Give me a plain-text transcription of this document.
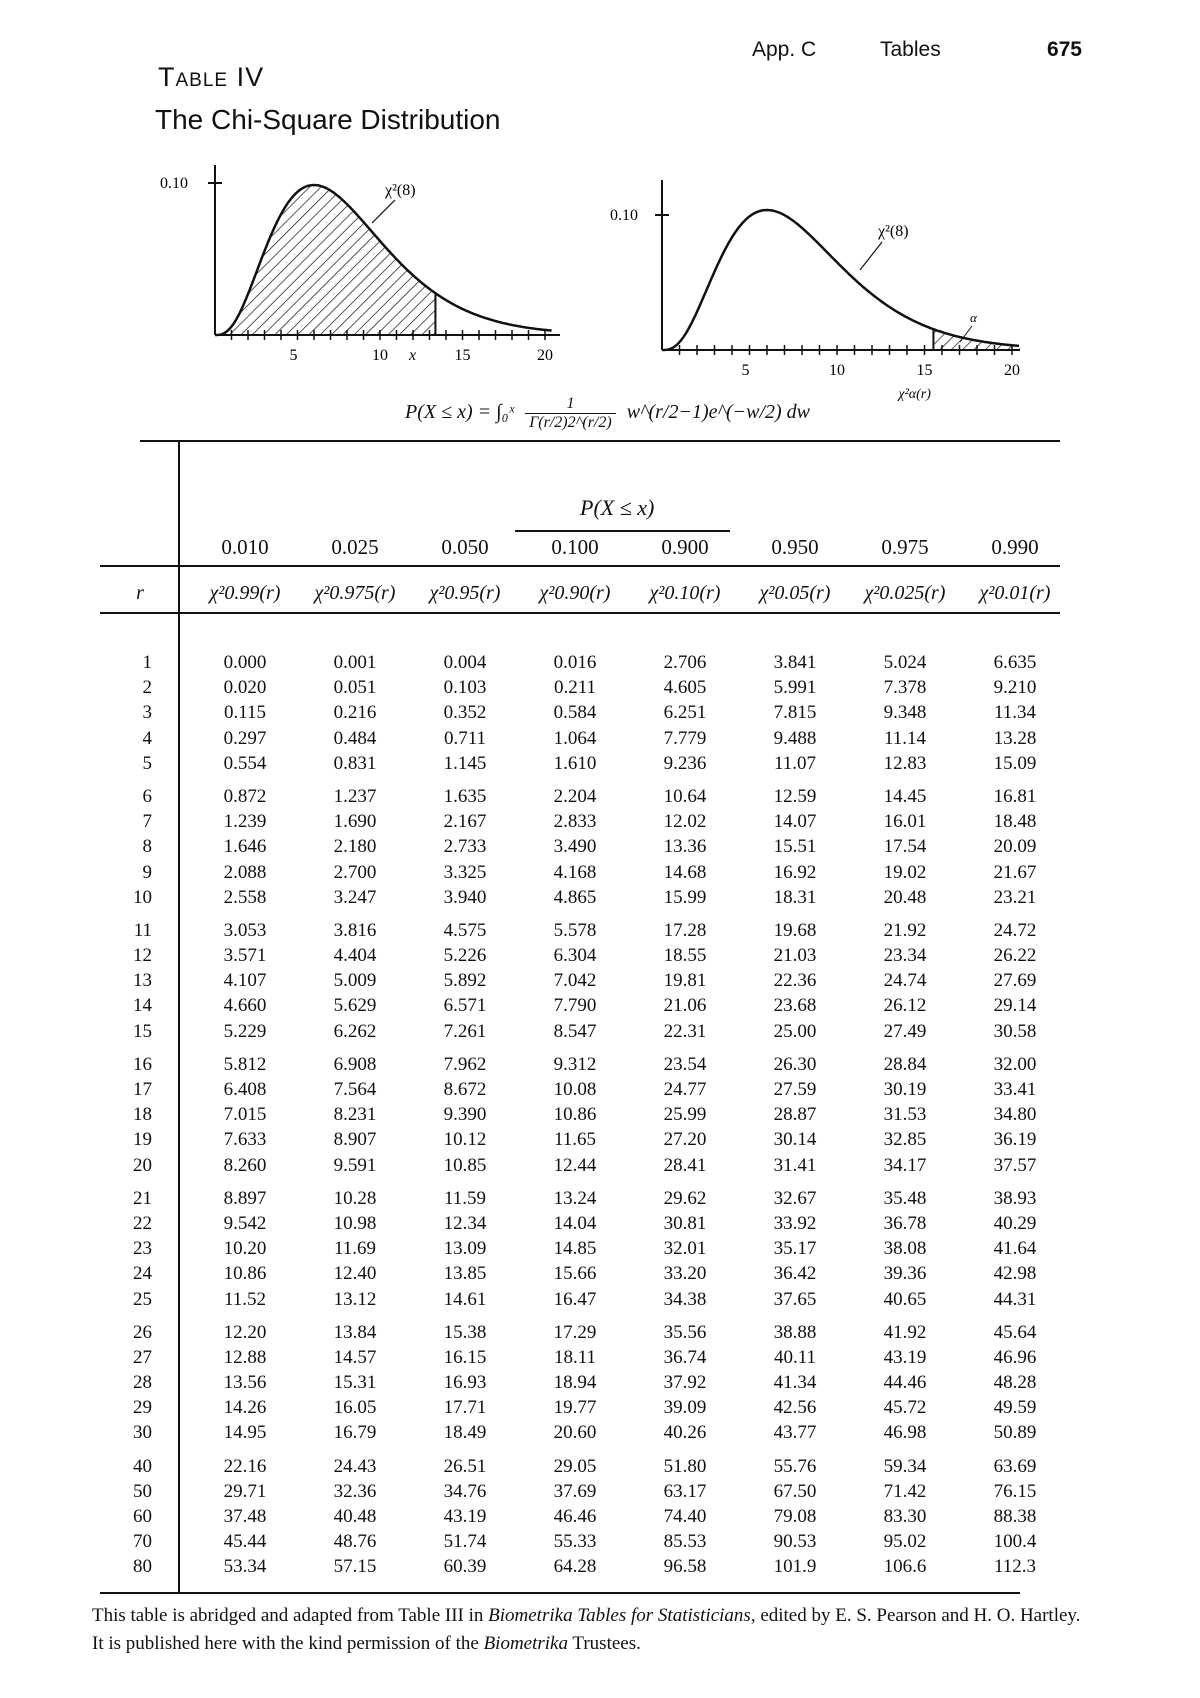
App. C	Tables	675
Table IV
The Chi-Square Distribution
0.10	χ²(8)
5	10	15	20
x
0.10
χ²(8)
α
5	10	15	20
χ²α(r)
P(X ≤ x) = ∫₀ˣ $\frac{1}{\Gamma(r/2)2\^{}(r/2)}$ w^(r/2−1)e^(−w/2) dw
P(X ≤ x)
0.010	0.025	0.050	0.100	0.900	0.950	0.975	0.990
r	χ²0.99(r)	χ²0.975(r)	χ²0.95(r)	χ²0.90(r)	χ²0.10(r)	χ²0.05(r)	χ²0.025(r)	χ²0.01(r)
1	0.000	0.001	0.004	0.016	2.706	3.841	5.024	6.635
2	0.020	0.051	0.103	0.211	4.605	5.991	7.378	9.210
3	0.115	0.216	0.352	0.584	6.251	7.815	9.348	11.34
4	0.297	0.484	0.711	1.064	7.779	9.488	11.14	13.28
5	0.554	0.831	1.145	1.610	9.236	11.07	12.83	15.09
6	0.872	1.237	1.635	2.204	10.64	12.59	14.45	16.81
7	1.239	1.690	2.167	2.833	12.02	14.07	16.01	18.48
8	1.646	2.180	2.733	3.490	13.36	15.51	17.54	20.09
9	2.088	2.700	3.325	4.168	14.68	16.92	19.02	21.67
10	2.558	3.247	3.940	4.865	15.99	18.31	20.48	23.21
11	3.053	3.816	4.575	5.578	17.28	19.68	21.92	24.72
12	3.571	4.404	5.226	6.304	18.55	21.03	23.34	26.22
13	4.107	5.009	5.892	7.042	19.81	22.36	24.74	27.69
14	4.660	5.629	6.571	7.790	21.06	23.68	26.12	29.14
15	5.229	6.262	7.261	8.547	22.31	25.00	27.49	30.58
16	5.812	6.908	7.962	9.312	23.54	26.30	28.84	32.00
17	6.408	7.564	8.672	10.08	24.77	27.59	30.19	33.41
18	7.015	8.231	9.390	10.86	25.99	28.87	31.53	34.80
19	7.633	8.907	10.12	11.65	27.20	30.14	32.85	36.19
20	8.260	9.591	10.85	12.44	28.41	31.41	34.17	37.57
21	8.897	10.28	11.59	13.24	29.62	32.67	35.48	38.93
22	9.542	10.98	12.34	14.04	30.81	33.92	36.78	40.29
23	10.20	11.69	13.09	14.85	32.01	35.17	38.08	41.64
24	10.86	12.40	13.85	15.66	33.20	36.42	39.36	42.98
25	11.52	13.12	14.61	16.47	34.38	37.65	40.65	44.31
26	12.20	13.84	15.38	17.29	35.56	38.88	41.92	45.64
27	12.88	14.57	16.15	18.11	36.74	40.11	43.19	46.96
28	13.56	15.31	16.93	18.94	37.92	41.34	44.46	48.28
29	14.26	16.05	17.71	19.77	39.09	42.56	45.72	49.59
30	14.95	16.79	18.49	20.60	40.26	43.77	46.98	50.89
40	22.16	24.43	26.51	29.05	51.80	55.76	59.34	63.69
50	29.71	32.36	34.76	37.69	63.17	67.50	71.42	76.15
60	37.48	40.48	43.19	46.46	74.40	79.08	83.30	88.38
70	45.44	48.76	51.74	55.33	85.53	90.53	95.02	100.4
80	53.34	57.15	60.39	64.28	96.58	101.9	106.6	112.3
This table is abridged and adapted from Table III in Biometrika Tables for Statisticians, edited by E. S. Pearson and H. O. Hartley. It is published here with the kind permission of the Biometrika Trustees.
